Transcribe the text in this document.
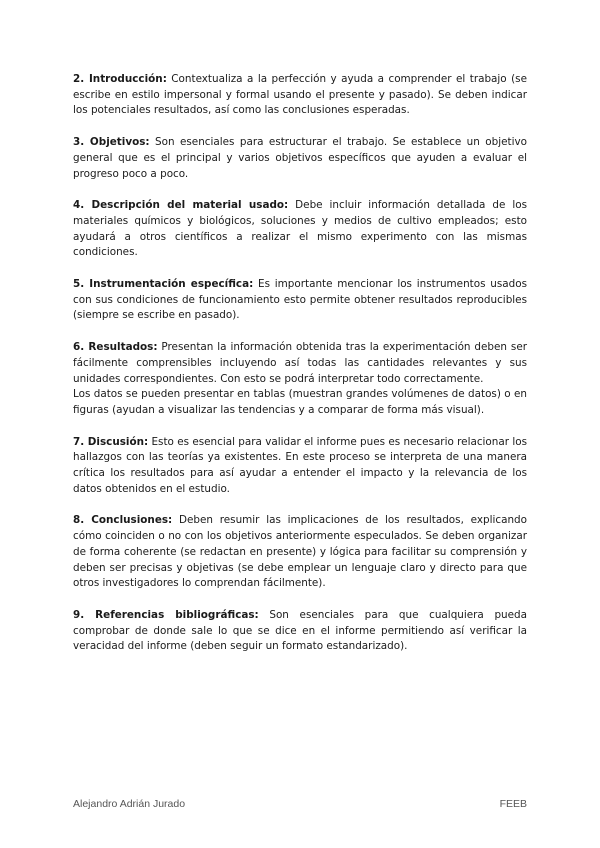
2. Introducción: Contextualiza a la perfección y ayuda a comprender el trabajo (se escribe en estilo impersonal y formal usando el presente y pasado). Se deben indicar los potenciales resultados, así como las conclusiones esperadas.

3. Objetivos: Son esenciales para estructurar el trabajo. Se establece un objetivo general que es el principal y varios objetivos específicos que ayuden a evaluar el progreso poco a poco.

4. Descripción del material usado: Debe incluir información detallada de los materiales químicos y biológicos, soluciones y medios de cultivo empleados; esto ayudará a otros científicos a realizar el mismo experimento con las mismas condiciones.

5. Instrumentación específica: Es importante mencionar los instrumentos usados con sus condiciones de funcionamiento esto permite obtener resultados reproducibles (siempre se escribe en pasado).

6. Resultados: Presentan la información obtenida tras la experimentación deben ser fácilmente comprensibles incluyendo así todas las cantidades relevantes y sus unidades correspondientes. Con esto se podrá interpretar todo correctamente.
Los datos se pueden presentar en tablas (muestran grandes volúmenes de datos) o en figuras (ayudan a visualizar las tendencias y a comparar de forma más visual).

7. Discusión: Esto es esencial para validar el informe pues es necesario relacionar los hallazgos con las teorías ya existentes. En este proceso se interpreta de una manera crítica los resultados para así ayudar a entender el impacto y la relevancia de los datos obtenidos en el estudio.

8. Conclusiones: Deben resumir las implicaciones de los resultados, explicando cómo coinciden o no con los objetivos anteriormente especulados. Se deben organizar de forma coherente (se redactan en presente) y lógica para facilitar su comprensión y deben ser precisas y objetivas (se debe emplear un lenguaje claro y directo para que otros investigadores lo comprendan fácilmente).

9. Referencias bibliográficas: Son esenciales para que cualquiera pueda comprobar de donde sale lo que se dice en el informe permitiendo así verificar la veracidad del informe (deben seguir un formato estandarizado).

Alejandro Adrián Jurado	FEEB
